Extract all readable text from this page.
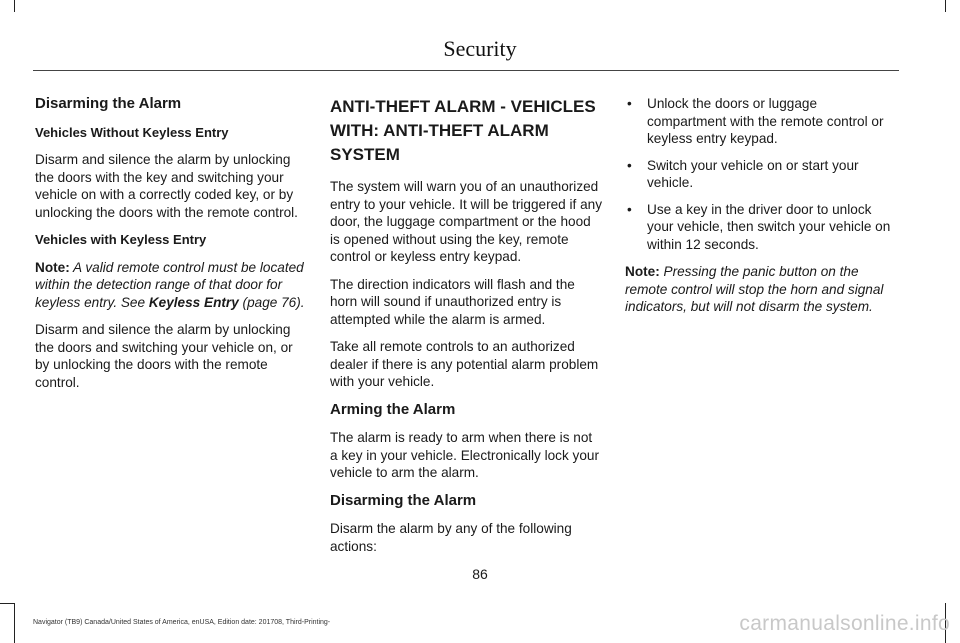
Security
Disarming the Alarm
Vehicles Without Keyless Entry
Disarm and silence the alarm by unlocking the doors with the key and switching your vehicle on with a correctly coded key, or by unlocking the doors with the remote control.
Vehicles with Keyless Entry
Note: A valid remote control must be located within the detection range of that door for keyless entry. See Keyless Entry (page 76).
Disarm and silence the alarm by unlocking the doors and switching your vehicle on, or by unlocking the doors with the remote control.
ANTI-THEFT ALARM - VEHICLES WITH: ANTI-THEFT ALARM SYSTEM
The system will warn you of an unauthorized entry to your vehicle. It will be triggered if any door, the luggage compartment or the hood is opened without using the key, remote control or keyless entry keypad.
The direction indicators will flash and the horn will sound if unauthorized entry is attempted while the alarm is armed.
Take all remote controls to an authorized dealer if there is any potential alarm problem with your vehicle.
Arming the Alarm
The alarm is ready to arm when there is not a key in your vehicle. Electronically lock your vehicle to arm the alarm.
Disarming the Alarm
Disarm the alarm by any of the following actions:
• Unlock the doors or luggage compartment with the remote control or keyless entry keypad.
• Switch your vehicle on or start your vehicle.
• Use a key in the driver door to unlock your vehicle, then switch your vehicle on within 12 seconds.
Note: Pressing the panic button on the remote control will stop the horn and signal indicators, but will not disarm the system.
86
Navigator (TB9) Canada/United States of America, enUSA, Edition date: 201708, Third-Printing-	carmanualsonline.info
